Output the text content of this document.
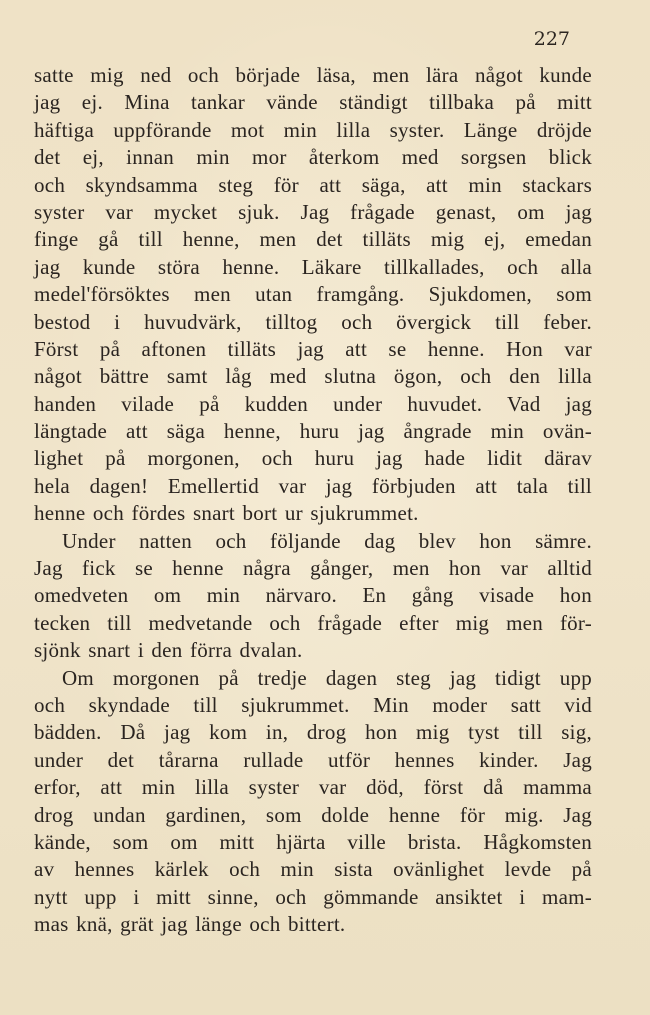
227
satte mig ned och började läsa, men lära något kunde
jag ej. Mina tankar vände ständigt tillbaka på mitt
häftiga uppförande mot min lilla syster. Länge dröjde
det ej, innan min mor återkom med sorgsen blick
och skyndsamma steg för att säga, att min stackars
syster var mycket sjuk. Jag frågade genast, om jag
finge gå till henne, men det tilläts mig ej, emedan
jag kunde störa henne. Läkare tillkallades, och alla
medel'försöktes men utan framgång. Sjukdomen, som
bestod i huvudvärk, tilltog och övergick till feber.
Först på aftonen tilläts jag att se henne. Hon var
något bättre samt låg med slutna ögon, och den lilla
handen vilade på kudden under huvudet. Vad jag
längtade att säga henne, huru jag ångrade min ovän-
lighet på morgonen, och huru jag hade lidit därav
hela dagen! Emellertid var jag förbjuden att tala till
henne och fördes snart bort ur sjukrummet.
Under natten och följande dag blev hon sämre.
Jag fick se henne några gånger, men hon var alltid
omedveten om min närvaro. En gång visade hon
tecken till medvetande och frågade efter mig men för-
sjönk snart i den förra dvalan.
Om morgonen på tredje dagen steg jag tidigt upp
och skyndade till sjukrummet. Min moder satt vid
bädden. Då jag kom in, drog hon mig tyst till sig,
under det tårarna rullade utför hennes kinder. Jag
erfor, att min lilla syster var död, först då mamma
drog undan gardinen, som dolde henne för mig. Jag
kände, som om mitt hjärta ville brista. Hågkomsten
av hennes kärlek och min sista ovänlighet levde på
nytt upp i mitt sinne, och gömmande ansiktet i mam-
mas knä, grät jag länge och bittert.
